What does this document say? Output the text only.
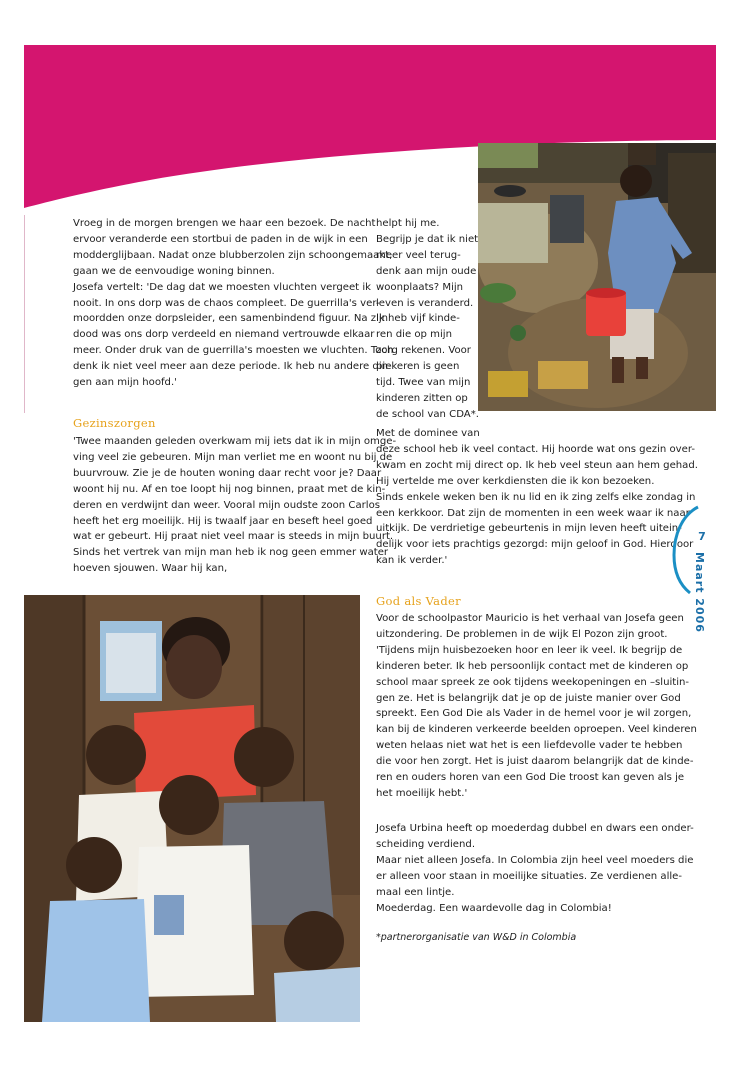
Vroeg in de morgen brengen we haar een bezoek. De nacht
ervoor veranderde een stortbui de paden in de wijk in een
modderglijbaan. Nadat onze blubberzolen zijn schoongemaakt,
gaan we de eenvoudige woning binnen.
Josefa vertelt: 'De dag dat we moesten vluchten vergeet ik
nooit. In ons dorp was de chaos compleet. De guerrilla's ver-
moordden onze dorpsleider, een samenbindend figuur. Na zijn
dood was ons dorp verdeeld en niemand vertrouwde elkaar
meer. Onder druk van de guerrilla's moesten we vluchten. Toch
denk ik niet veel meer aan deze periode. Ik heb nu andere din-
gen aan mijn hoofd.'
Gezinszorgen
'Twee maanden geleden overkwam mij iets dat ik in mijn omge-
ving veel zie gebeuren. Mijn man verliet me en woont nu bij de
buurvrouw. Zie je de houten woning daar recht voor je? Daar
woont hij nu. Af en toe loopt hij nog binnen, praat met de kin-
deren en verdwijnt dan weer. Vooral mijn oudste zoon Carlos
heeft het erg moeilijk. Hij is twaalf jaar en beseft heel goed
wat er gebeurt. Hij praat niet veel maar is steeds in mijn buurt.
Sinds het vertrek van mijn man heb ik nog geen emmer water
hoeven sjouwen. Waar hij kan,
helpt hij me.
Begrijp je dat ik niet
meer veel terug-
denk aan mijn oude
woonplaats? Mijn
leven is veranderd.
Ik heb vijf kinde-
ren die op mijn
zorg rekenen. Voor
piekeren is geen
tijd. Twee van mijn
kinderen zitten op
de school van CDA*.
Met de dominee van
deze school heb ik veel contact. Hij hoorde wat ons gezin over-
kwam en zocht mij direct op. Ik heb veel steun aan hem gehad.
Hij vertelde me over kerkdiensten die ik kon bezoeken.
Sinds enkele weken ben ik nu lid en ik zing zelfs elke zondag in
een kerkkoor. Dat zijn de momenten in een week waar ik naar
uitkijk. De verdrietige gebeurtenis in mijn leven heeft uitein-
delijk voor iets prachtigs gezorgd: mijn geloof in God. Hierdoor
kan ik verder.'
God als Vader
Voor de schoolpastor Mauricio is het verhaal van Josefa geen
uitzondering. De problemen in de wijk El Pozon zijn groot.
'Tijdens mijn huisbezoeken hoor en leer ik veel. Ik begrijp de
kinderen beter. Ik heb persoonlijk contact met de kinderen op
school maar spreek ze ook tijdens weekopeningen en –sluitin-
gen ze. Het is belangrijk dat je op de juiste manier over God
spreekt. Een God Die als Vader in de hemel voor je wil zorgen,
kan bij de kinderen verkeerde beelden oproepen. Veel kinderen
weten helaas niet wat het is een liefdevolle vader te hebben
die voor hen zorgt. Het is juist daarom belangrijk dat de kinde-
ren en ouders horen van een God Die troost kan geven als je
het moeilijk hebt.'
Josefa Urbina heeft op moederdag dubbel en dwars een onder-
scheiding verdiend.
Maar niet alleen Josefa. In Colombia zijn heel veel moeders die
er alleen voor staan in moeilijke situaties. Ze verdienen alle-
maal een lintje.
Moederdag. Een waardevolle dag in Colombia!
*partnerorganisatie van W&D in Colombia
7
Maart 2006
